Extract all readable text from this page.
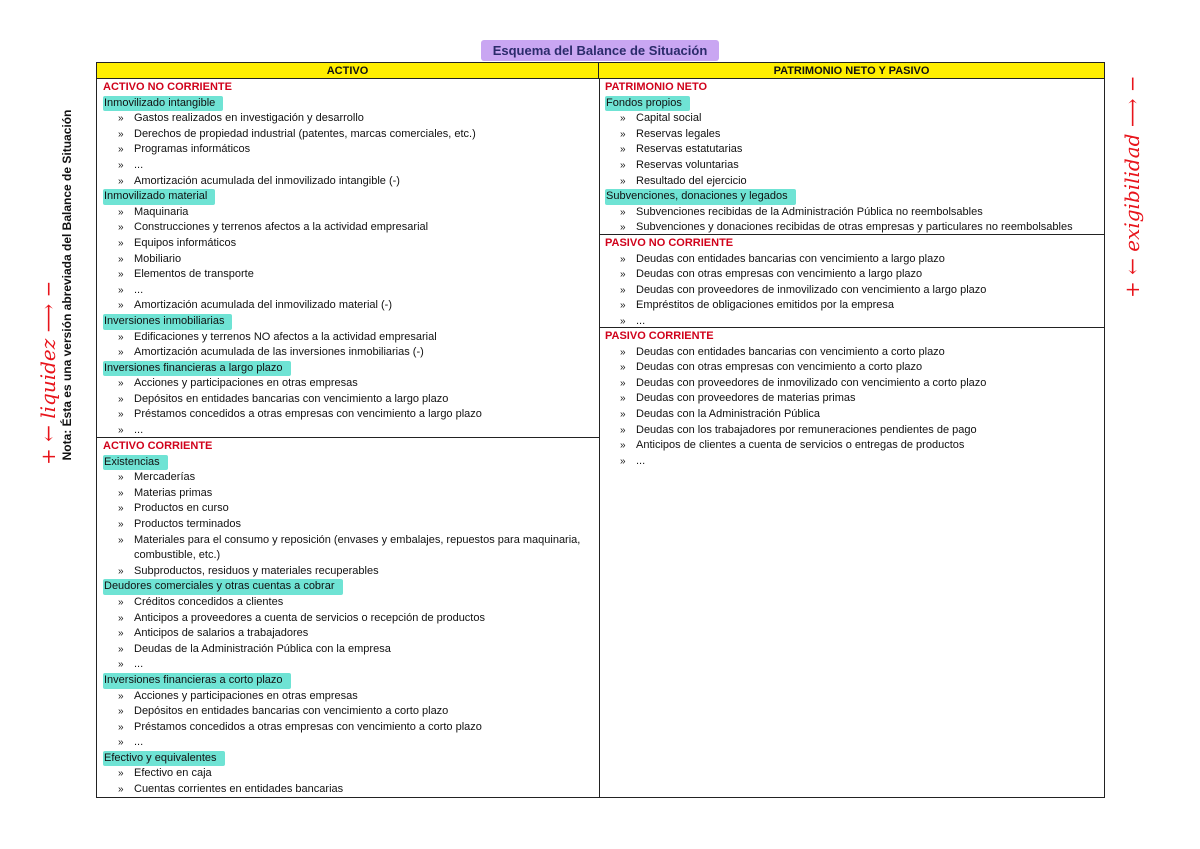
Esquema del Balance de Situación
Nota: Ésta es una versión abreviada del Balance de Situación
+ ← liquidez ⟶ −
+ ← exigibilidad ⟶ −
ACTIVO	PATRIMONIO NETO Y PASIVO
ACTIVO NO CORRIENTE
Inmovilizado intangible
» Gastos realizados en investigación y desarrollo
» Derechos de propiedad industrial (patentes, marcas comerciales, etc.)
» Programas informáticos
» ...
» Amortización acumulada del inmovilizado intangible (-)
Inmovilizado material
» Maquinaria
» Construcciones y terrenos afectos a la actividad empresarial
» Equipos informáticos
» Mobiliario
» Elementos de transporte
» ...
» Amortización acumulada del inmovilizado material (-)
Inversiones inmobiliarias
» Edificaciones y terrenos NO afectos a la actividad empresarial
» Amortización acumulada de las inversiones inmobiliarias (-)
Inversiones financieras a largo plazo
» Acciones y participaciones en otras empresas
» Depósitos en entidades bancarias con vencimiento a largo plazo
» Préstamos concedidos a otras empresas con vencimiento a largo plazo
» ...
ACTIVO CORRIENTE
Existencias
» Mercaderías
» Materias primas
» Productos en curso
» Productos terminados
» Materiales para el consumo y reposición (envases y embalajes, repuestos para maquinaria, combustible, etc.)
» Subproductos, residuos y materiales recuperables
Deudores comerciales y otras cuentas a cobrar
» Créditos concedidos a clientes
» Anticipos a proveedores a cuenta de servicios o recepción de productos
» Anticipos de salarios a trabajadores
» Deudas de la Administración Pública con la empresa
» ...
Inversiones financieras a corto plazo
» Acciones y participaciones en otras empresas
» Depósitos en entidades bancarias con vencimiento a corto plazo
» Préstamos concedidos a otras empresas con vencimiento a corto plazo
» ...
Efectivo y equivalentes
» Efectivo en caja
» Cuentas corrientes en entidades bancarias
PATRIMONIO NETO
Fondos propios
» Capital social
» Reservas legales
» Reservas estatutarias
» Reservas voluntarias
» Resultado del ejercicio
Subvenciones, donaciones y legados
» Subvenciones recibidas de la Administración Pública no reembolsables
» Subvenciones y donaciones recibidas de otras empresas y particulares no reembolsables
PASIVO NO CORRIENTE
» Deudas con entidades bancarias con vencimiento a largo plazo
» Deudas con otras empresas con vencimiento a largo plazo
» Deudas con proveedores de inmovilizado con vencimiento a largo plazo
» Empréstitos de obligaciones emitidos por la empresa
» ...
PASIVO CORRIENTE
» Deudas con entidades bancarias con vencimiento a corto plazo
» Deudas con otras empresas con vencimiento a corto plazo
» Deudas con proveedores de inmovilizado con vencimiento a corto plazo
» Deudas con proveedores de materias primas
» Deudas con la Administración Pública
» Deudas con los trabajadores por remuneraciones pendientes de pago
» Anticipos de clientes a cuenta de servicios o entregas de productos
» ...
